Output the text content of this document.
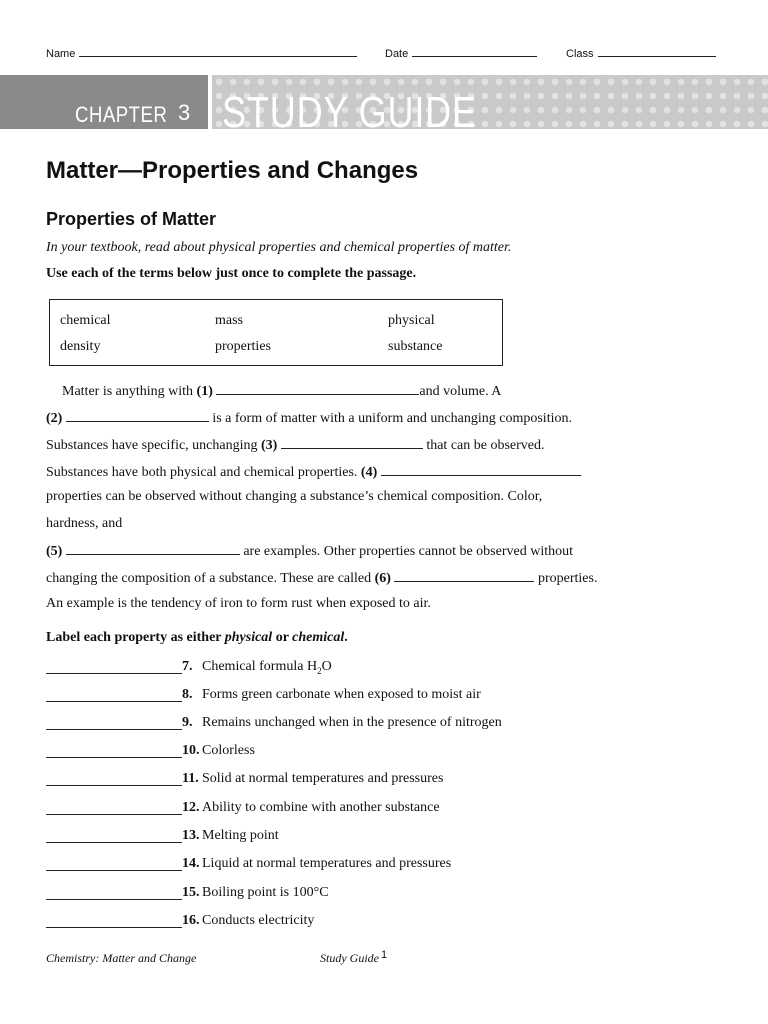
Name	Date	Class
CHAPTER 3 STUDY GUIDE
Matter—Properties and Changes
Properties of Matter
In your textbook, read about physical properties and chemical properties of matter.
Use each of the terms below just once to complete the passage.
chemical	mass	physical
density	properties	substance
Matter is anything with (1)	and volume. A
(2)	is a form of matter with a uniform and unchanging composition.
Substances have specific, unchanging (3)	that can be observed.
Substances have both physical and chemical properties. (4)
properties can be observed without changing a substance’s chemical composition. Color,
hardness, and
(5)	are examples. Other properties cannot be observed without
changing the composition of a substance. These are called (6)	properties.
An example is the tendency of iron to form rust when exposed to air.
Label each property as either physical or chemical.
7. Chemical formula $H_2O$
8. Forms green carbonate when exposed to moist air
9. Remains unchanged when in the presence of nitrogen
10. Colorless
11. Solid at normal temperatures and pressures
12. Ability to combine with another substance
13. Melting point
14. Liquid at normal temperatures and pressures
15. Boiling point is 100°C
16. Conducts electricity
Chemistry: Matter and Change	Study Guide 1
